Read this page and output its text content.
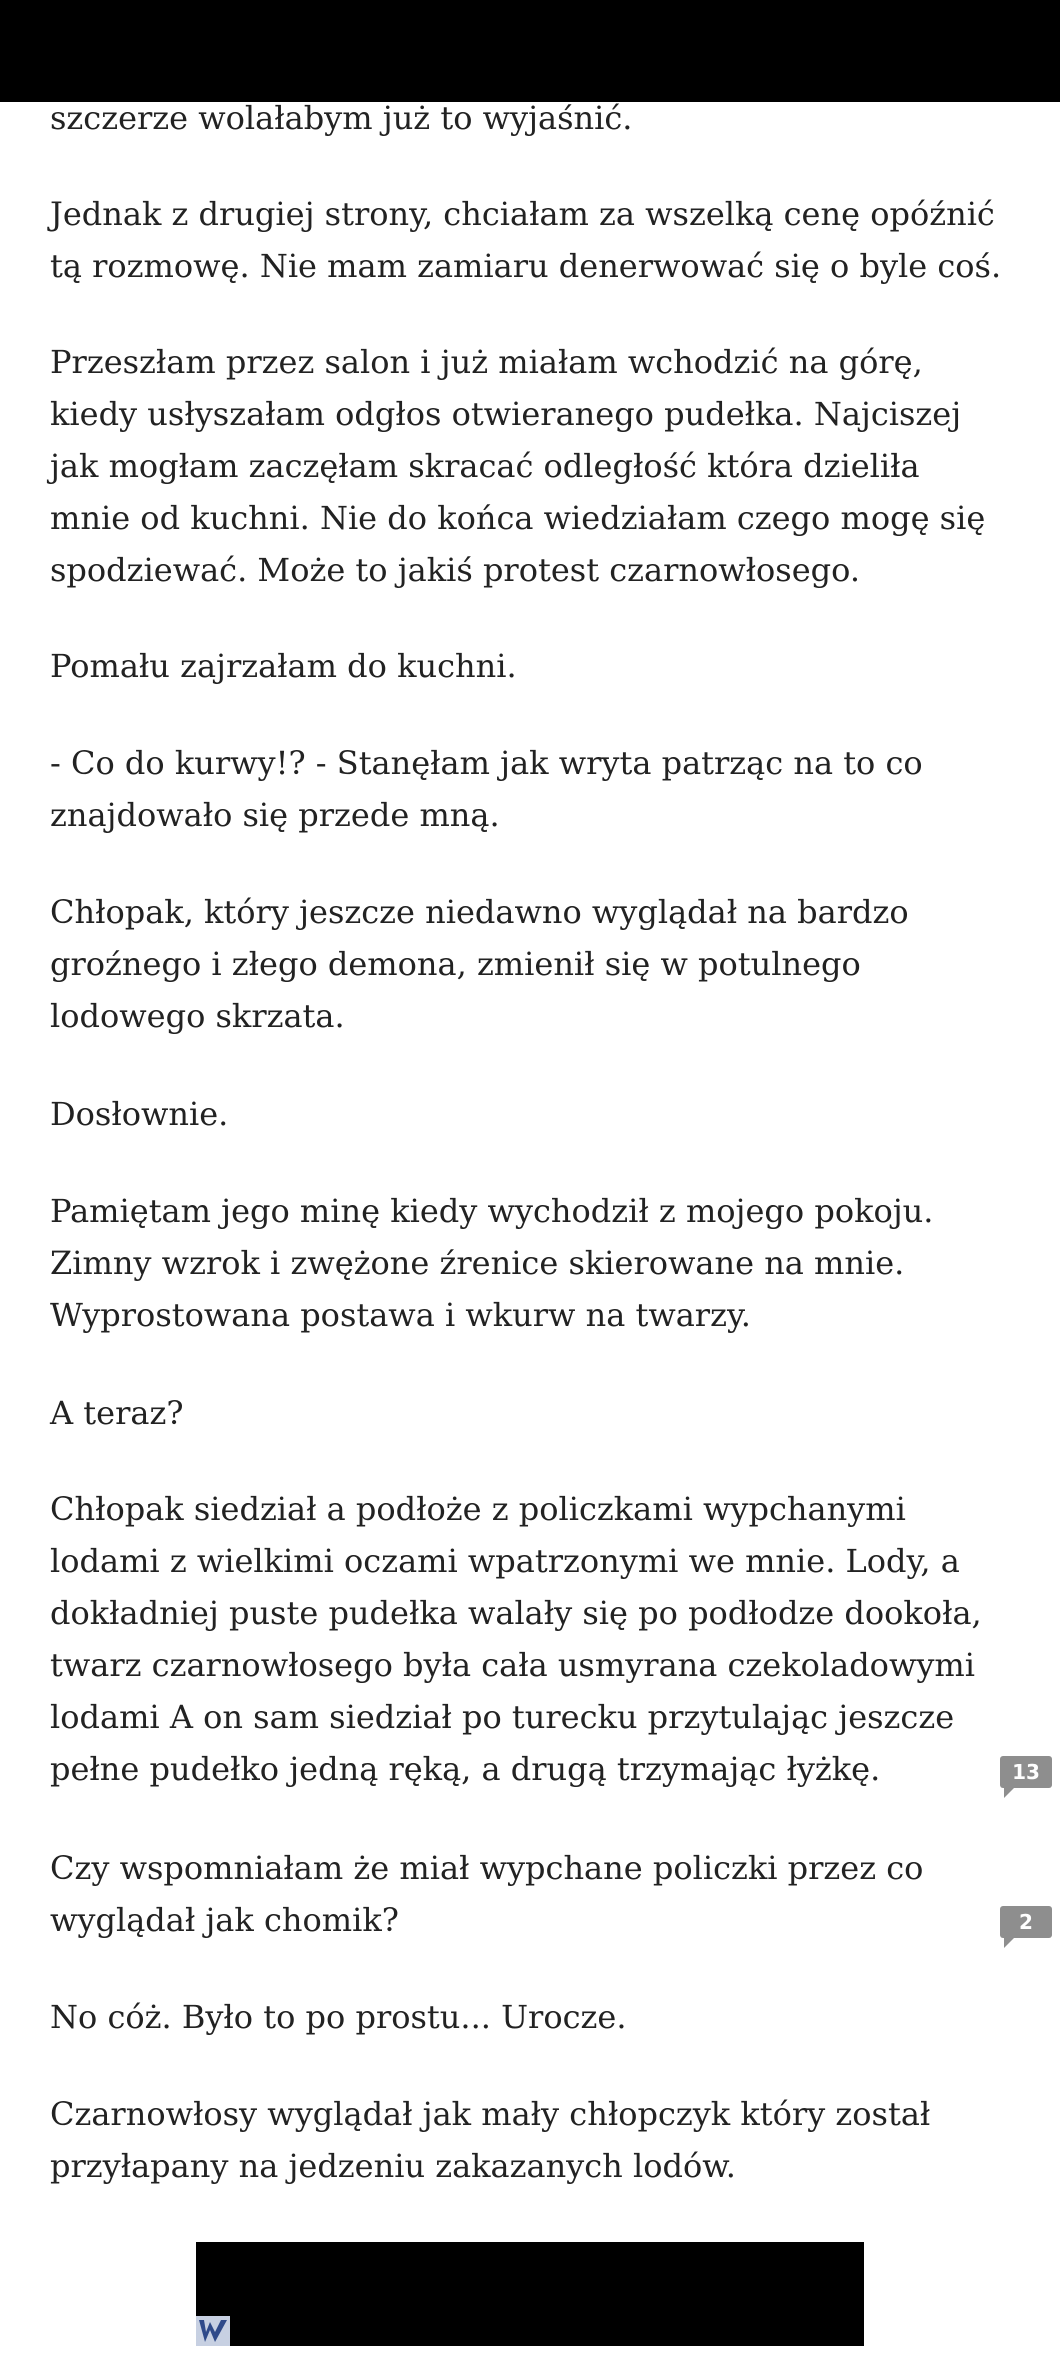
szczerze wolałabym już to wyjaśnić.

Jednak z drugiej strony, chciałam za wszelką cenę opóźnić
tą rozmowę. Nie mam zamiaru denerwować się o byle coś.

Przeszłam przez salon i już miałam wchodzić na górę,
kiedy usłyszałam odgłos otwieranego pudełka. Najciszej
jak mogłam zaczęłam skracać odległość która dzieliła
mnie od kuchni. Nie do końca wiedziałam czego mogę się
spodziewać. Może to jakiś protest czarnowłosego.

Pomału zajrzałam do kuchni.

- Co do kurwy!? - Stanęłam jak wryta patrząc na to co
znajdowało się przede mną.

Chłopak, który jeszcze niedawno wyglądał na bardzo
groźnego i złego demona, zmienił się w potulnego
lodowego skrzata.

Dosłownie.

Pamiętam jego minę kiedy wychodził z mojego pokoju.
Zimny wzrok i zwężone źrenice skierowane na mnie.
Wyprostowana postawa i wkurw na twarzy.

A teraz?

Chłopak siedział a podłoże z policzkami wypchanymi
lodami z wielkimi oczami wpatrzonymi we mnie. Lody, a
dokładniej puste pudełka walały się po podłodze dookoła,
twarz czarnowłosego była cała usmyrana czekoladowymi
lodami A on sam siedział po turecku przytulając jeszcze
pełne pudełko jedną ręką, a drugą trzymając łyżkę.

Czy wspomniałam że miał wypchane policzki przez co
wyglądał jak chomik?

No cóż. Było to po prostu... Urocze.

Czarnowłosy wyglądał jak mały chłopczyk który został
przyłapany na jedzeniu zakazanych lodów.

13
2
